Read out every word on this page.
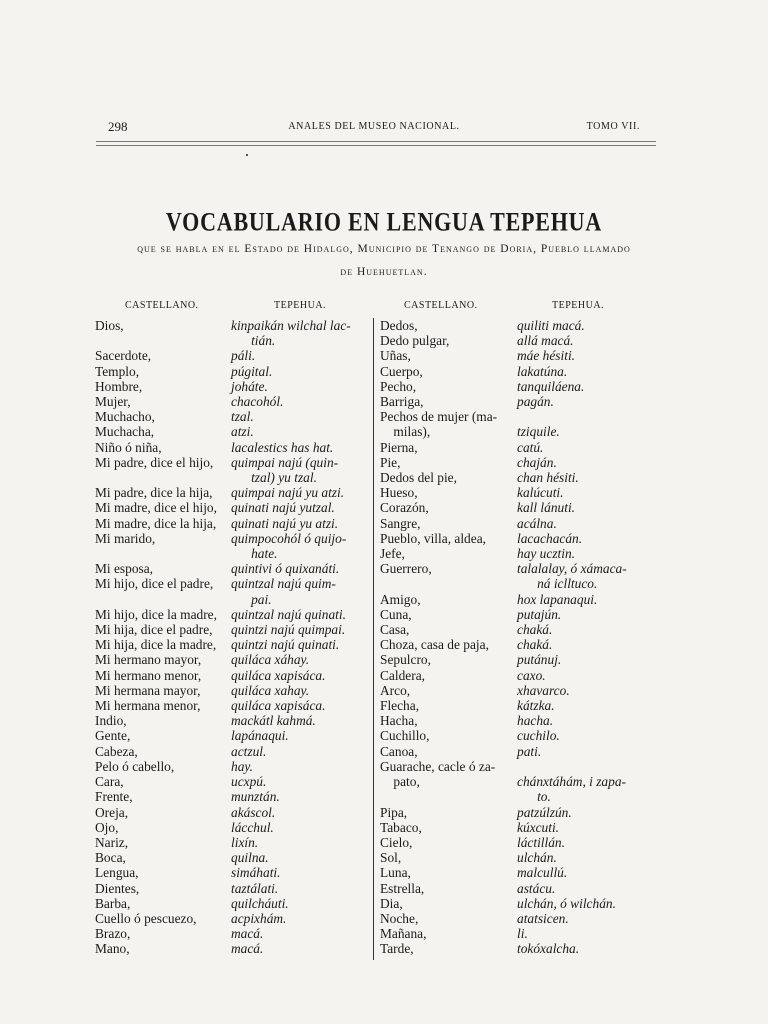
298	ANALES DEL MUSEO NACIONAL.	TOMO VII.
VOCABULARIO EN LENGUA TEPEHUA
que se habla en el Estado de Hidalgo, Municipio de Tenango de Doria, Pueblo llamado
de Huehuetlan.
CASTELLANO.	TEPEHUA.	CASTELLANO.	TEPEHUA.
Dios,	kinpaikán wilchal lac-
tián.
Sacerdote,	páli.
Templo,	púgital.
Hombre,	joháte.
Mujer,	chacohól.
Muchacho,	tzal.
Muchacha,	atzi.
Niño ó niña,	lacalestics has hat.
Mi padre, dice el hijo,	quimpai najú (quin-
tzal) yu tzal.
Mi padre, dice la hija,	quimpai najú yu atzi.
Mi madre, dice el hijo,	quinati najú yutzal.
Mi madre, dice la hija,	quinati najú yu atzi.
Mi marido,	quimpocohól ó quijo-
hate.
Mi esposa,	quintivi ó quixanáti.
Mi hijo, dice el padre,	quintzal najú quim-
pai.
Mi hijo, dice la madre,	quintzal najú quinati.
Mi hija, dice el padre,	quintzi najú quimpai.
Mi hija, dice la madre,	quintzi najú quinati.
Mi hermano mayor,	quiláca xáhay.
Mi hermano menor,	quiláca xapisáca.
Mi hermana mayor,	quiláca xahay.
Mi hermana menor,	quiláca xapisáca.
Indio,	mackátl kahmá.
Gente,	lapánaqui.
Cabeza,	actzul.
Pelo ó cabello,	hay.
Cara,	ucxpú.
Frente,	munztán.
Oreja,	akáscol.
Ojo,	lácchul.
Nariz,	lixín.
Boca,	quilna.
Lengua,	simáhati.
Dientes,	taztálati.
Barba,	quilcháuti.
Cuello ó pescuezo,	acpixhám.
Brazo,	macá.
Mano,	macá.
Dedos,	quiliti macá.
Dedo pulgar,	allá macá.
Uñas,	máe hésiti.
Cuerpo,	lakatúna.
Pecho,	tanquiláena.
Barriga,	pagán.
Pechos de mujer (ma-
milas),	tziquile.
Pierna,	catú.
Pie,	chaján.
Dedos del pie,	chan hésiti.
Hueso,	kalúcuti.
Corazón,	kall lánuti.
Sangre,	acálna.
Pueblo, villa, aldea,	lacachacán.
Jefe,	hay ucztin.
Guerrero,	talalalay, ó xámaca-
ná iclltuco.
Amigo,	hox lapanaqui.
Cuna,	putajún.
Casa,	chaká.
Choza, casa de paja,	chaká.
Sepulcro,	putánuj.
Caldera,	caxo.
Arco,	xhavarco.
Flecha,	kátzka.
Hacha,	hacha.
Cuchillo,	cuchilo.
Canoa,	pati.
Guarache, cacle ó za-
pato,	chánxtáhám, i zapa-
to.
Pipa,	patzúlzún.
Tabaco,	kúxcuti.
Cielo,	láctillán.
Sol,	ulchán.
Luna,	malcullú.
Estrella,	astácu.
Dia,	ulchán, ó wilchán.
Noche,	atatsicen.
Mañana,	li.
Tarde,	tokóxalcha.
